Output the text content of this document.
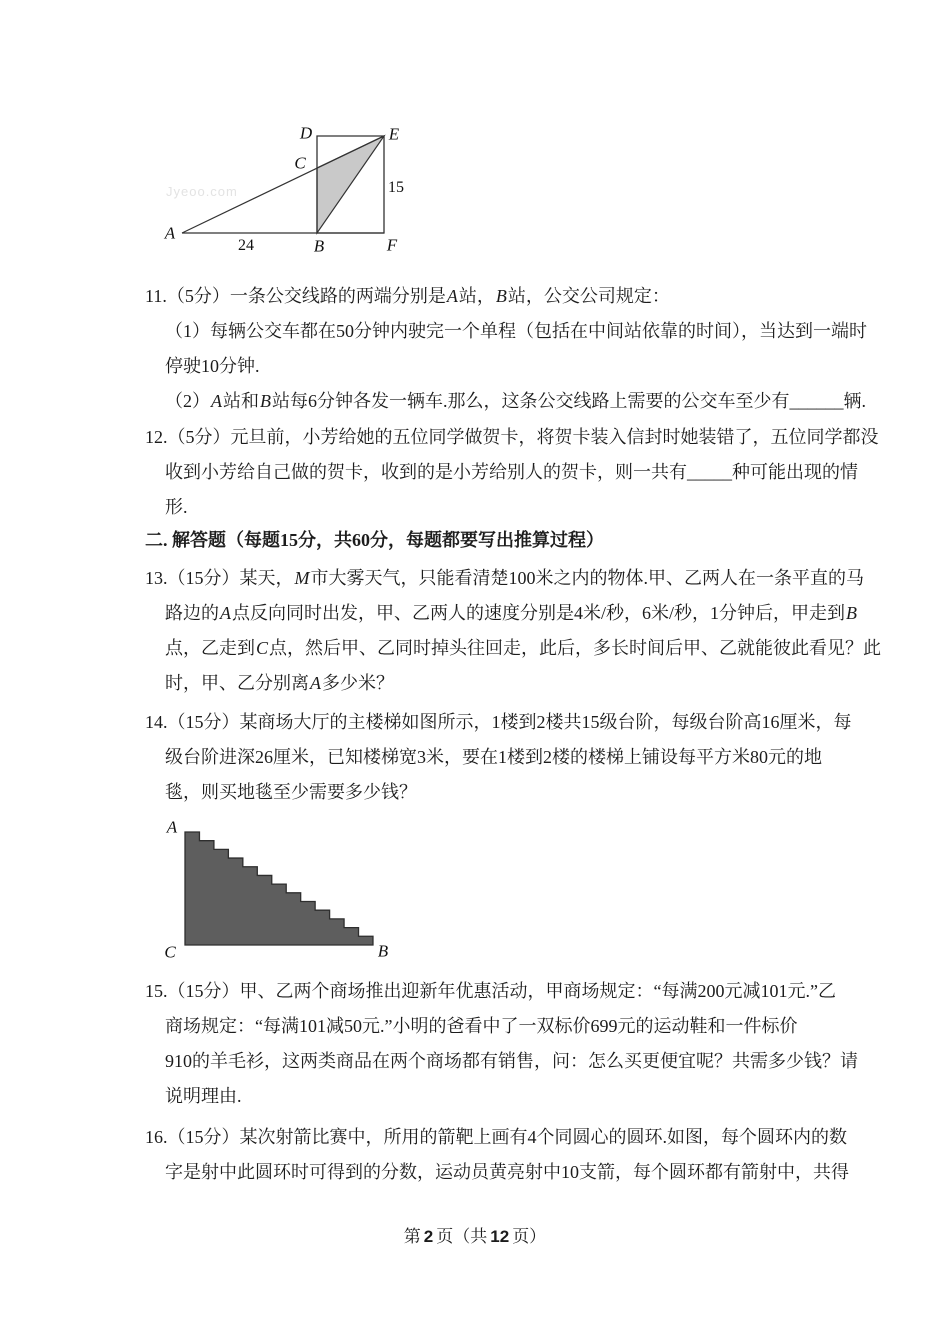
Jyeoo.com
D	E
C
A
B	F
24
15
11.（5分）一条公交线路的两端分别是A站，B站，公交公司规定：
（1）每辆公交车都在50分钟内驶完一个单程（包括在中间站依靠的时间），当达到一端时
停驶10分钟.
（2）A站和B站每6分钟各发一辆车.那么，这条公交线路上需要的公交车至少有______辆.
12.（5分）元旦前，小芳给她的五位同学做贺卡，将贺卡装入信封时她装错了，五位同学都没
收到小芳给自己做的贺卡，收到的是小芳给别人的贺卡，则一共有_____种可能出现的情
形.
二. 解答题（每题15分，共60分，每题都要写出推算过程）
13.（15分）某天，M市大雾天气，只能看清楚100米之内的物体.甲、乙两人在一条平直的马
路边的A点反向同时出发，甲、乙两人的速度分别是4米/秒，6米/秒，1分钟后，甲走到B
点，乙走到C点，然后甲、乙同时掉头往回走，此后，多长时间后甲、乙就能彼此看见？此
时，甲、乙分别离A多少米？
14.（15分）某商场大厅的主楼梯如图所示，1楼到2楼共15级台阶，每级台阶高16厘米，每
级台阶进深26厘米，已知楼梯宽3米，要在1楼到2楼的楼梯上铺设每平方米80元的地
毯，则买地毯至少需要多少钱？
A
C	B
15.（15分）甲、乙两个商场推出迎新年优惠活动，甲商场规定：“每满200元减101元.”乙
商场规定：“每满101减50元.”小明的爸看中了一双标价699元的运动鞋和一件标价
910的羊毛衫，这两类商品在两个商场都有销售，问：怎么买更便宜呢？共需多少钱？请
说明理由.
16.（15分）某次射箭比赛中，所用的箭靶上画有4个同圆心的圆环.如图，每个圆环内的数
字是射中此圆环时可得到的分数，运动员黄亮射中10支箭，每个圆环都有箭射中，共得
第 2 页（共 12 页）
